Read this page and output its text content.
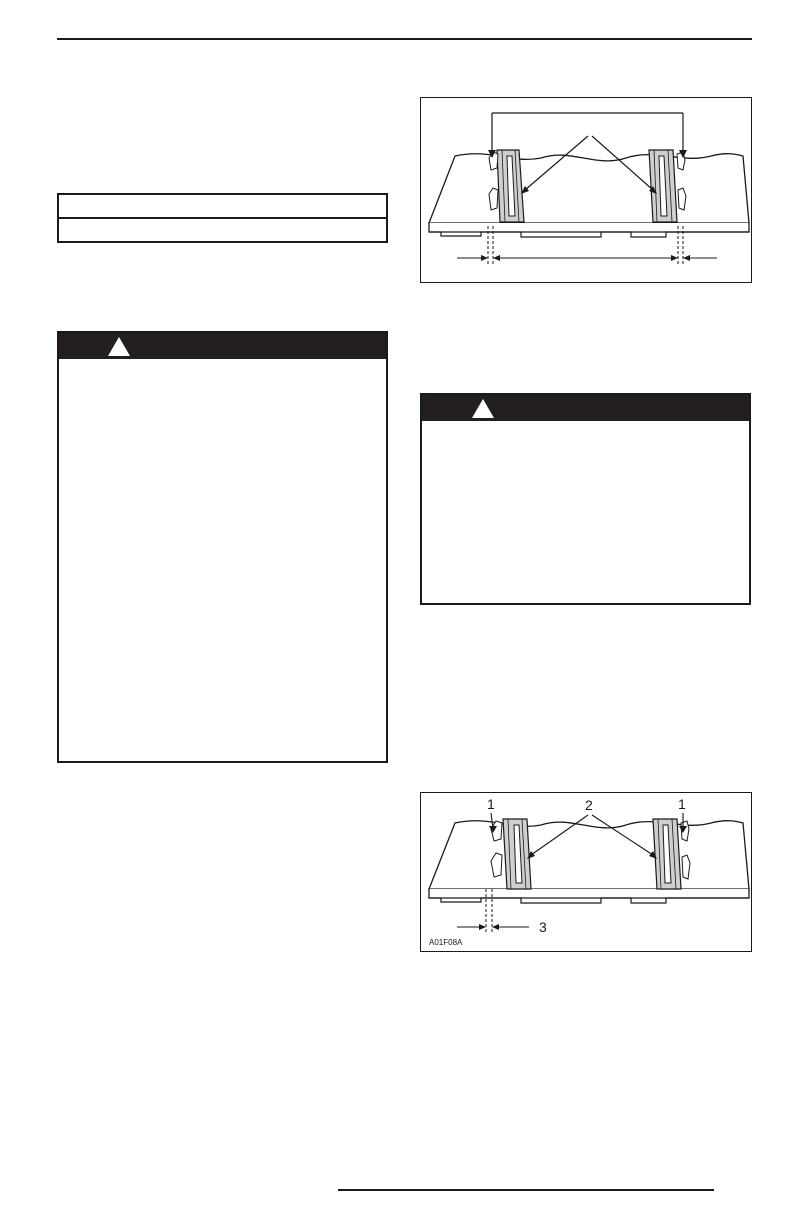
1	2	1
3
A01F08A
